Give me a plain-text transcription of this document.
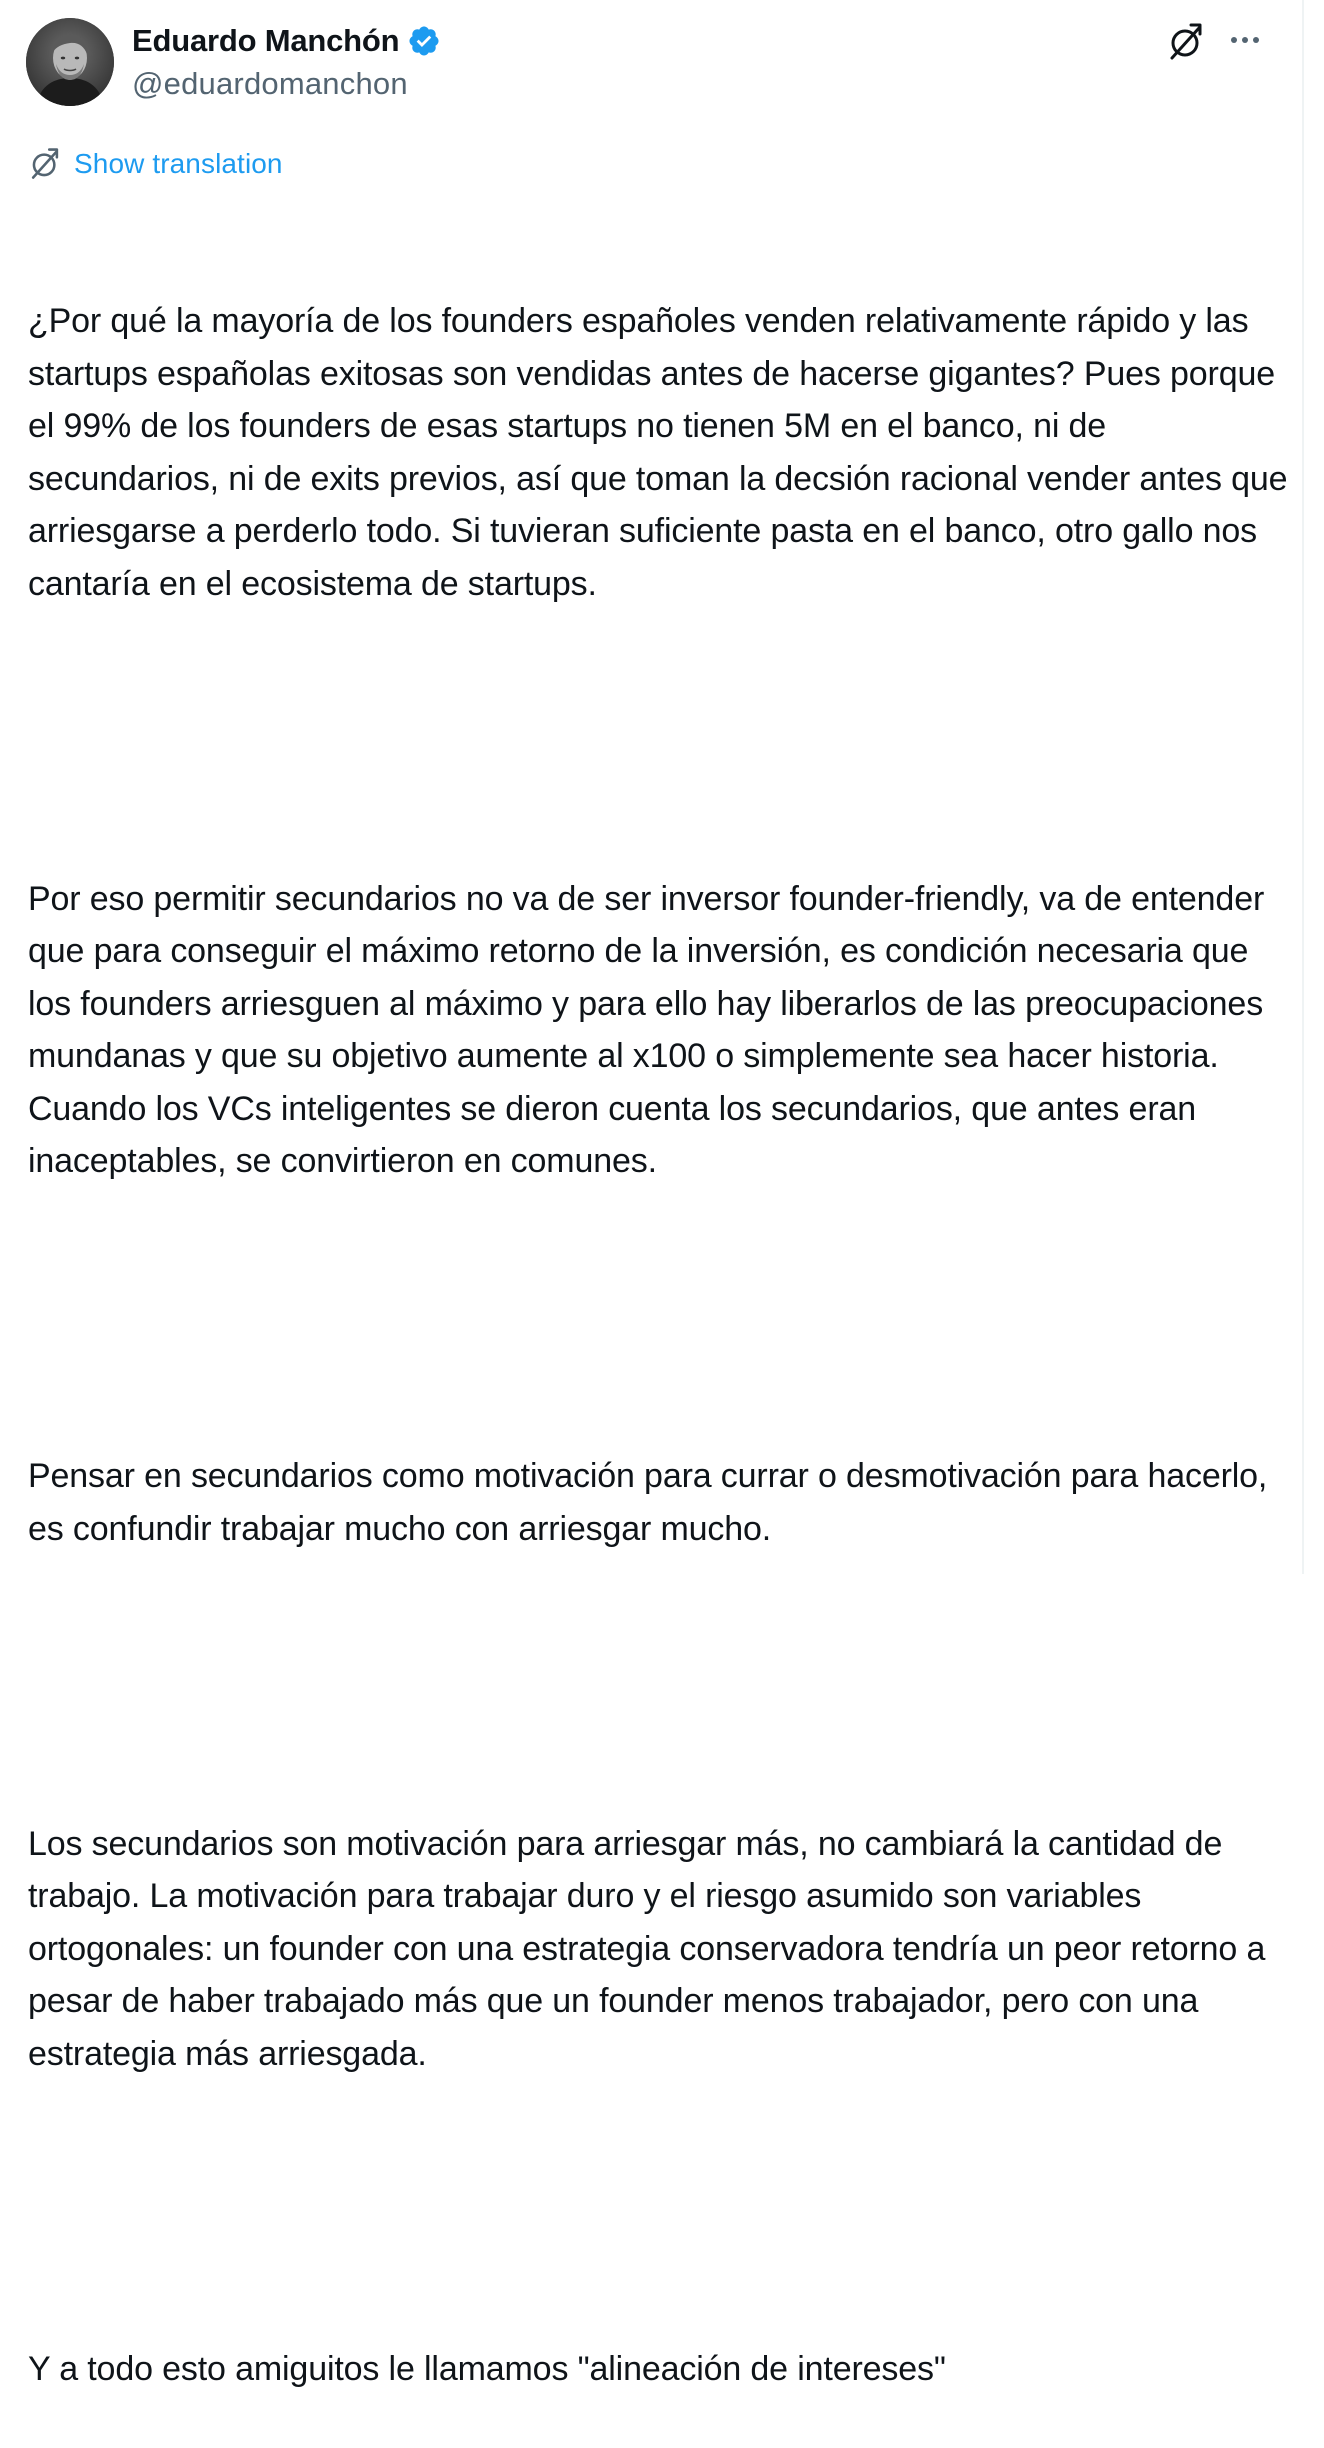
Eduardo Manchón
@eduardomanchon
Show translation

¿Por qué la mayoría de los founders españoles venden relativamente rápido y las startups españolas exitosas son vendidas antes de hacerse gigantes? Pues porque el 99% de los founders de esas startups no tienen 5M en el banco, ni de secundarios, ni de exits previos, así que toman la decsión racional vender antes que arriesgarse a perderlo todo. Si tuvieran suficiente pasta en el banco, otro gallo nos cantaría en el ecosistema de startups.

Por eso permitir secundarios no va de ser inversor founder-friendly, va de entender que para conseguir el máximo retorno de la inversión, es condición necesaria que los founders arriesguen al máximo y para ello hay liberarlos de las preocupaciones mundanas y que su objetivo aumente al x100 o simplemente sea hacer historia. Cuando los VCs inteligentes se dieron cuenta los secundarios, que antes eran inaceptables, se convirtieron en comunes.

Pensar en secundarios como motivación para currar o desmotivación para hacerlo, es confundir trabajar mucho con arriesgar mucho.

Los secundarios son motivación para arriesgar más, no cambiará la cantidad de trabajo. La motivación para trabajar duro y el riesgo asumido son variables ortogonales: un founder con una estrategia conservadora tendría un peor retorno a pesar de haber trabajado más que un founder menos trabajador, pero con una estrategia más arriesgada.

Y a todo esto amiguitos le llamamos "alineación de intereses"
